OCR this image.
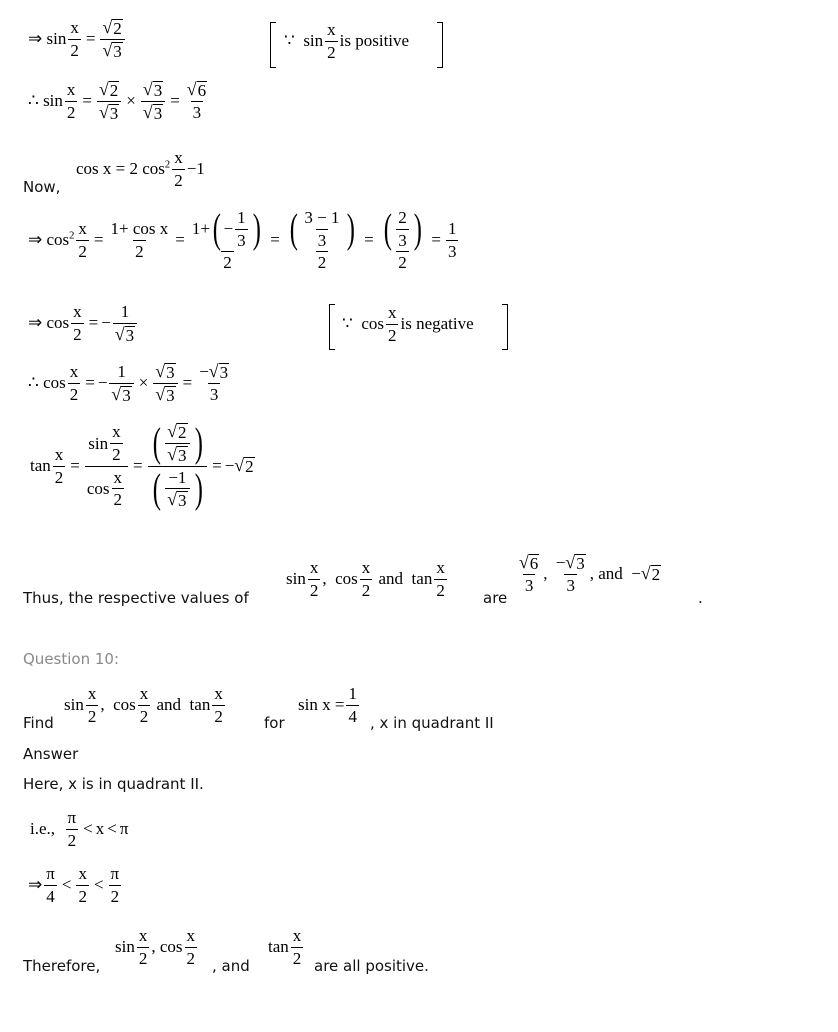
⇒ $\sin \frac{x}{2} = \frac{√ 2}{√ 3}$	∵  $\sin \frac{x}{2}$ is positive
∴ $\sin \frac{x}{2} = \frac{√ 2}{√ 3} \times \frac{√ 3}{√ 3} = \frac{√ 6}{3}$
Now,
cos x = 2 $\cos^2 \frac{x}{2} -1$
⇒ $\cos^2 \frac{x}{2} = \frac{\text{1+ cos x}}{2} = \frac{1+ ( - \frac{1}{3} )}{2} = \frac{( \frac{3 - 1}{3} )}{2} = \frac{( \frac{2}{3} )}{2} = \frac{1}{3}$
⇒ $\cos \frac{x}{2}$ = − $\frac{1}{√ 3}$	∵  $\cos \frac{x}{2}$ is negative
∴ $\cos \frac{x}{2}$ = − $\frac{1}{√ 3} \times \frac{√ 3}{√ 3} = \frac{- √ 3}{3}$
$\tan \frac{x}{2} = \frac{\sin \frac{x}{2}}{\cos \frac{x}{2}} = \frac{( \frac{√ 2}{√ 3} )}{( \frac{-1}{√ 3} )}$ = − √ 2
Thus, the respective values of
$\sin \frac{x}{2}$ ,  $\cos \frac{x}{2}$ and  $\tan \frac{x}{2}$ are
$\frac{√ 6}{3}$ , $\frac{- √ 3}{3}$ , and  − √ 2
.
Question 10:
Find
$\sin \frac{x}{2}$ ,  $\cos \frac{x}{2}$ and  $\tan \frac{x}{2}$	for
$\sin x = \frac{1}{4}$ , x in quadrant II
Answer
Here, x is in quadrant II.
i.e.,
$\frac{\pi}{2} < x < \pi$
⇒ $\frac{\pi}{4} < \frac{x}{2} < \frac{\pi}{2}$
Therefore,
$\sin \frac{x}{2}$ , $\cos \frac{x}{2}$ , and
$\tan \frac{x}{2}$ are all positive.
